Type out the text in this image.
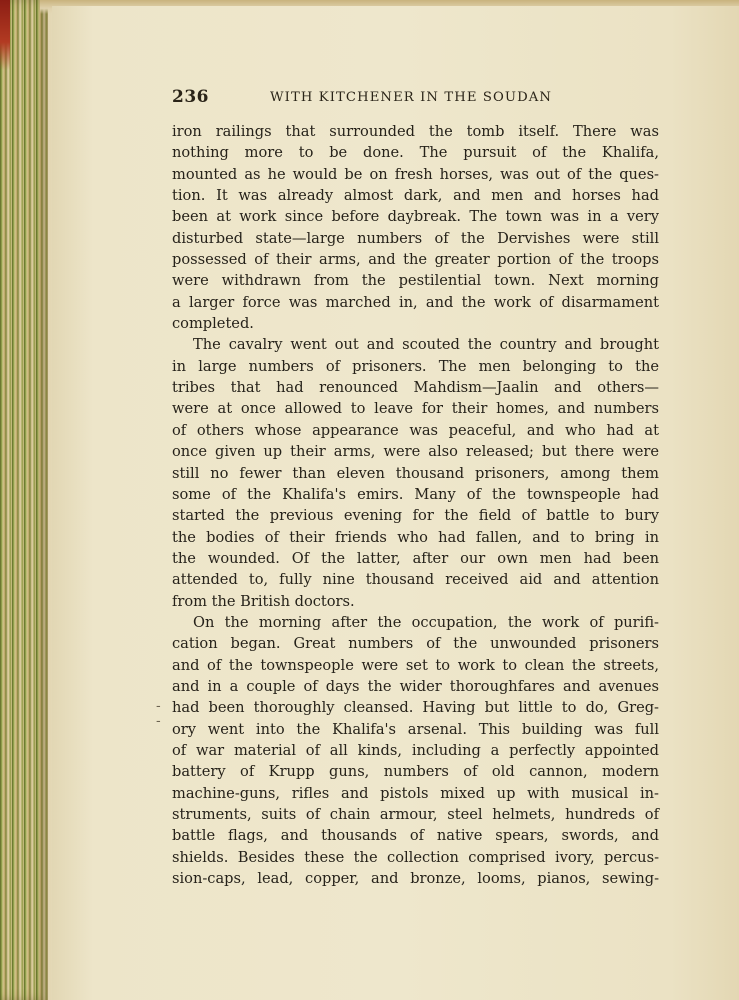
236	WITH KITCHENER IN THE SOUDAN
-
-
iron railings that surrounded the tomb itself. There was
nothing more to be done. The pursuit of the Khalifa,
mounted as he would be on fresh horses, was out of the ques-
tion. It was already almost dark, and men and horses had
been at work since before daybreak. The town was in a very
disturbed state—large numbers of the Dervishes were still
possessed of their arms, and the greater portion of the troops
were withdrawn from the pestilential town. Next morning
a larger force was marched in, and the work of disarmament
completed.
The cavalry went out and scouted the country and brought
in large numbers of prisoners. The men belonging to the
tribes that had renounced Mahdism—Jaalin and others—
were at once allowed to leave for their homes, and numbers
of others whose appearance was peaceful, and who had at
once given up their arms, were also released; but there were
still no fewer than eleven thousand prisoners, among them
some of the Khalifa's emirs. Many of the townspeople had
started the previous evening for the field of battle to bury
the bodies of their friends who had fallen, and to bring in
the wounded. Of the latter, after our own men had been
attended to, fully nine thousand received aid and attention
from the British doctors.
On the morning after the occupation, the work of purifi-
cation began. Great numbers of the unwounded prisoners
and of the townspeople were set to work to clean the streets,
and in a couple of days the wider thoroughfares and avenues
had been thoroughly cleansed. Having but little to do, Greg-
ory went into the Khalifa's arsenal. This building was full
of war material of all kinds, including a perfectly appointed
battery of Krupp guns, numbers of old cannon, modern
machine-guns, rifles and pistols mixed up with musical in-
struments, suits of chain armour, steel helmets, hundreds of
battle flags, and thousands of native spears, swords, and
shields. Besides these the collection comprised ivory, percus-
sion-caps, lead, copper, and bronze, looms, pianos, sewing-
